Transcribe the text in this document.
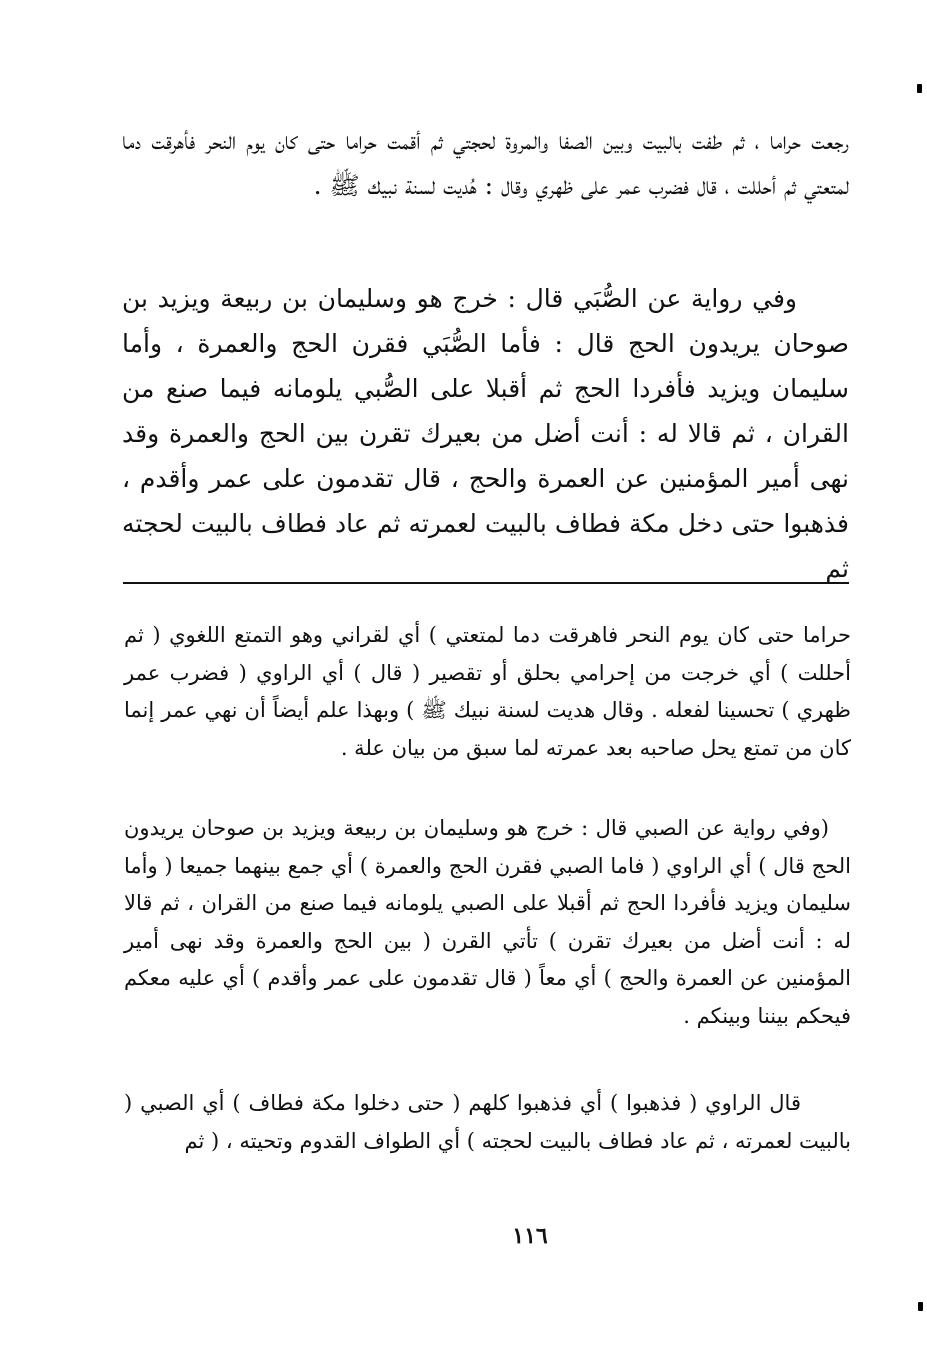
رجعت حراما ، ثم طفت بالبيت وبين الصفا والمروة لحجتي ثم أقمت حراما حتى كان يوم النحر فأهرقت دما لمتعتي ثم أحللت ، قال فضرب عمر على ظهري وقال : هُديت لسنة نبيك ﷺ .

وفي رواية عن الصُّبَي قال : خرج هو وسليمان بن ربيعة ويزيد بن صوحان يريدون الحج قال : فأما الصُّبَي فقرن الحج والعمرة ، وأما سليمان ويزيد فأفردا الحج ثم أقبلا على الصُّبي يلومانه فيما صنع من القران ، ثم قالا له : أنت أضل من بعيرك تقرن بين الحج والعمرة وقد نهى أمير المؤمنين عن العمرة والحج ، قال تقدمون على عمر وأقدم ، فذهبوا حتى دخل مكة فطاف بالبيت لعمرته ثم عاد فطاف بالبيت لحجته ثم

حراما حتى كان يوم النحر فاهرقت دما لمتعتي ) أي لقراني وهو التمتع اللغوي ( ثم أحللت ) أي خرجت من إحرامي بحلق أو تقصير ( قال ) أي الراوي ( فضرب عمر ظهري ) تحسينا لفعله . وقال هديت لسنة نبيك ﷺ ) وبهذا علم أيضاً أن نهي عمر إنما كان من تمتع يحل صاحبه بعد عمرته لما سبق من بيان علة .

(وفي رواية عن الصبي قال : خرج هو وسليمان بن ربيعة ويزيد بن صوحان يريدون الحج قال ) أي الراوي ( فاما الصبي فقرن الحج والعمرة ) أي جمع بينهما جميعا ( وأما سليمان ويزيد فأفردا الحج ثم أقبلا على الصبي يلومانه فيما صنع من القران ، ثم قالا له : أنت أضل من بعيرك تقرن ) تأتي القرن ( بين الحج والعمرة وقد نهى أمير المؤمنين عن العمرة والحج ) أي معاً ( قال تقدمون على عمر وأقدم ) أي عليه معكم فيحكم بيننا وبينكم .

قال الراوي ( فذهبوا ) أي فذهبوا كلهم ( حتى دخلوا مكة فطاف ) أي الصبي ( بالبيت لعمرته ، ثم عاد فطاف بالبيت لحجته ) أي الطواف القدوم وتحيته ، ( ثم

١١٦
